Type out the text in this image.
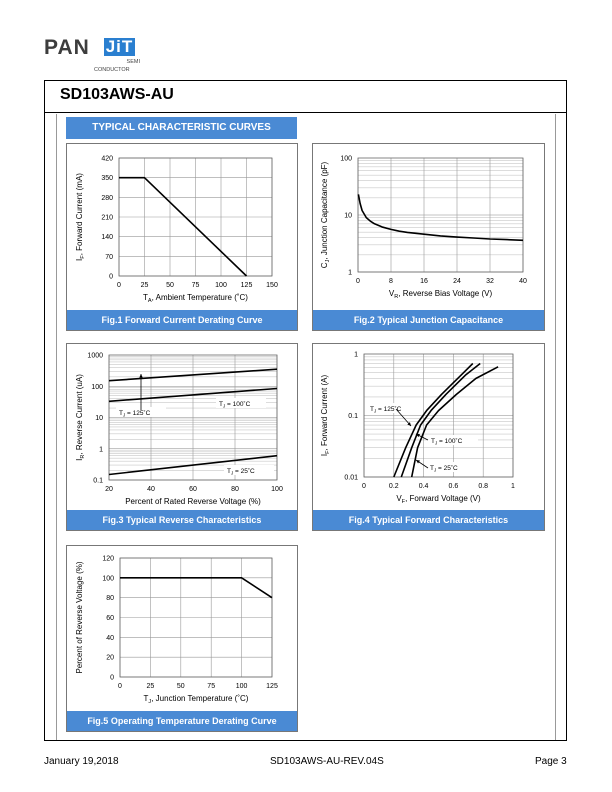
PAN JiT
SEMI
CONDUCTOR
SD103AWS-AU
TYPICAL CHARACTERISTIC CURVES
0	25	50	75 100 125 150
0
70
140
210
280
350
420
$T_A$, Ambient Temperature (˚C)
$I_F$, Forward Current (mA)
Fig.1 Forward Current Derating Curve
0	8	16	24	32	40
1
10
100
$V_R$, Reverse Bias Voltage (V)
$C_J$, Junction Capacitance (pF)
Fig.2 Typical Junction Capacitance
20	40	60	80	100
0.1
1
10
100
1000
Percent of Rated Reverse Voltage (%)
$I_R$, Reverse Current (uA)	$T_J$ = 125˚C
$T_J$ = 100˚C
$T_J$ = 25˚C
Fig.3 Typical Reverse Characteristics
0	0.2	0.4	0.6	0.8	1
0.01
0.1
1
$V_F$, Forward Voltage (V)
$I_F$, Forward Current (A)	$T_J$ = 125˚C
$T_J$ = 100˚C
$T_J$ = 25˚C
Fig.4 Typical Forward Characteristics
0	25	50	75	100	125
0
20
40
60
80
100
120
$T_J$, Junction Temperature (˚C)
Percent of Reverse Voltage (%)
Fig.5 Operating Temperature Derating Curve
January 19,2018	SD103AWS-AU-REV.04S	Page 3
